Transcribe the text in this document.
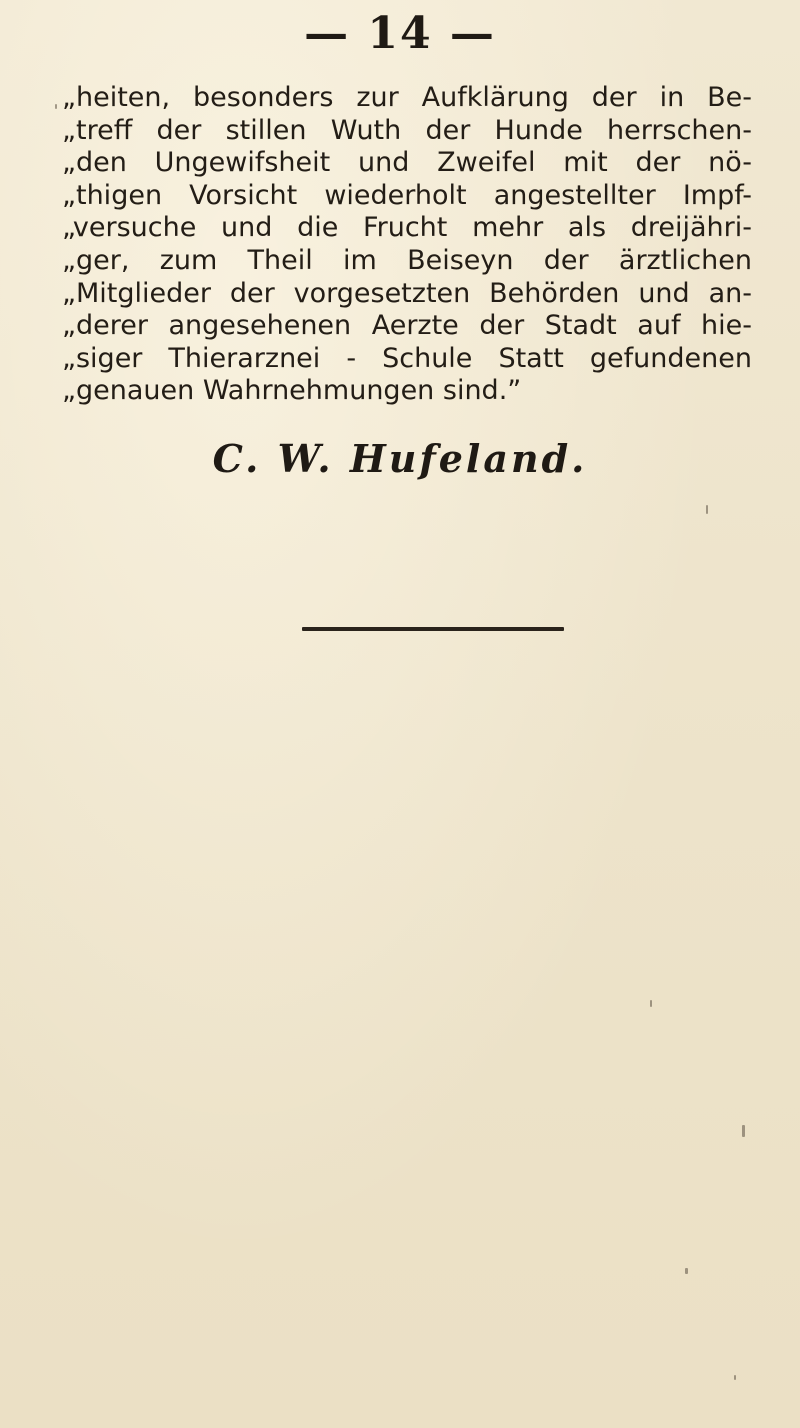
— 14 —
„heiten, besonders zur Aufklärung der in Be-
„treff der stillen Wuth der Hunde herrschen-
„den Ungewifsheit und Zweifel mit der nö-
„thigen Vorsicht wiederholt angestellter Impf-
„versuche und die Frucht mehr als dreijähri-
„ger, zum Theil im Beiseyn der ärztlichen
„Mitglieder der vorgesetzten Behörden und an-
„derer angesehenen Aerzte der Stadt auf hie-
„siger Thierarznei - Schule Statt gefundenen
„genauen Wahrnehmungen sind.”
C. W. Hufeland.
